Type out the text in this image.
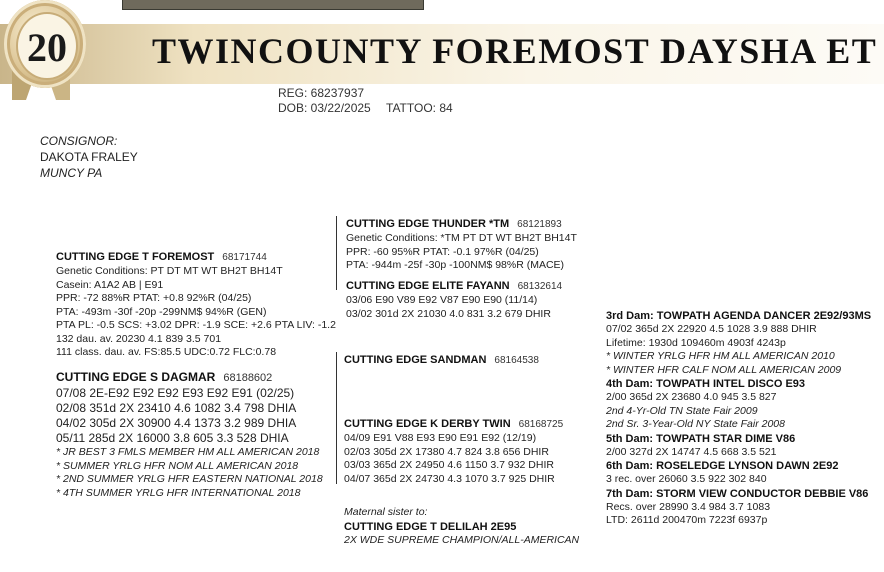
20	TWINCOUNTY FOREMOST DAYSHA ET
REG: 68237937
DOB: 03/22/2025 TATTOO: 84
CONSIGNOR:
DAKOTA FRALEY
MUNCY PA
CUTTING EDGE THUNDER *TM 68121893
Genetic Conditions: *TM PT DT WT BH2T BH14T
PPR: -60 95%R PTAT: -0.1 97%R (04/25)
PTA: -944m -25f -30p -100NM$ 98%R (MACE)
CUTTING EDGE ELITE FAYANN 68132614
03/06 E90 V89 E92 V87 E90 E90 (11/14)
03/02 301d 2X 21030 4.0 831 3.2 679 DHIR
CUTTING EDGE T FOREMOST 68171744
Genetic Conditions: PT DT MT WT BH2T BH14T
Casein: A1A2 AB | E91
PPR: -72 88%R PTAT: +0.8 92%R (04/25)
PTA: -493m -30f -20p -299NM$ 94%R (GEN)
PTA PL: -0.5 SCS: +3.02 DPR: -1.9 SCE: +2.6 PTA LIV: -1.2
132 dau. av. 20230 4.1 839 3.5 701
111 class. dau. av. FS:85.5 UDC:0.72 FLC:0.78
CUTTING EDGE S DAGMAR 68188602
07/08 2E-E92 E92 E92 E93 E92 E91 (02/25)
02/08 351d 2X 23410 4.6 1082 3.4 798 DHIA
04/02 305d 2X 30900 4.4 1373 3.2 989 DHIA
05/11 285d 2X 16000 3.8 605 3.3 528 DHIA
* JR BEST 3 FMLS MEMBER HM ALL AMERICAN 2018
* SUMMER YRLG HFR NOM ALL AMERICAN 2018
* 2ND SUMMER YRLG HFR EASTERN NATIONAL 2018
* 4TH SUMMER YRLG HFR INTERNATIONAL 2018
CUTTING EDGE SANDMAN 68164538
CUTTING EDGE K DERBY TWIN 68168725
04/09 E91 V88 E93 E90 E91 E92 (12/19)
02/03 305d 2X 17380 4.7 824 3.8 656 DHIR
03/03 365d 2X 24950 4.6 1150 3.7 932 DHIR
04/07 365d 2X 24730 4.3 1070 3.7 925 DHIR
Maternal sister to:
CUTTING EDGE T DELILAH 2E95
2X WDE SUPREME CHAMPION/ALL-AMERICAN
3rd Dam: TOWPATH AGENDA DANCER 2E92/93MS
07/02 365d 2X 22920 4.5 1028 3.9 888 DHIR
Lifetime: 1930d 109460m 4903f 4243p
* WINTER YRLG HFR HM ALL AMERICAN 2010
* WINTER HFR CALF NOM ALL AMERICAN 2009
4th Dam: TOWPATH INTEL DISCO E93
2/00 365d 2X 23680 4.0 945 3.5 827
2nd 4-Yr-Old TN State Fair 2009
2nd Sr. 3-Year-Old NY State Fair 2008
5th Dam: TOWPATH STAR DIME V86
2/00 327d 2X 14747 4.5 668 3.5 521
6th Dam: ROSELEDGE LYNSON DAWN 2E92
3 rec. over 26060 3.5 922 302 840
7th Dam: STORM VIEW CONDUCTOR DEBBIE V86
Recs. over 28990 3.4 984 3.7 1083
LTD: 2611d 200470m 7223f 6937p
